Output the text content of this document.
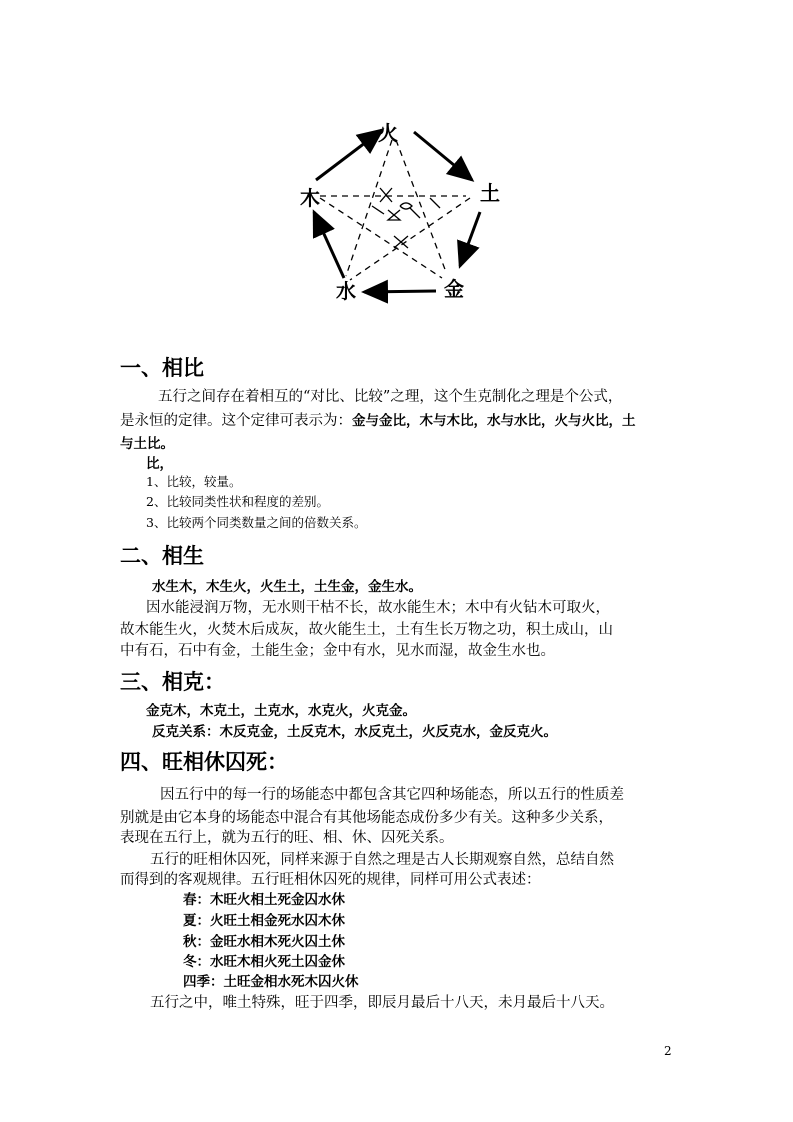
火
土
金
水
木
一、相比
五行之间存在着相互的“对比、比较”之理，这个生克制化之理是个公式，
是永恒的定律。这个定律可表示为：金与金比，木与木比，水与水比，火与火比，土
与土比。
比，
1、比较，较量。
2、比较同类性状和程度的差别。
3、比较两个同类数量之间的倍数关系。
二、相生
水生木，木生火，火生土，土生金，金生水。
因水能浸润万物，无水则干枯不长，故水能生木；木中有火钻木可取火，
故木能生火，火焚木后成灰，故火能生土，土有生长万物之功，积土成山，山
中有石，石中有金，土能生金；金中有水，见水而湿，故金生水也。
三、相克：
金克木，木克土，土克水，水克火，火克金。
反克关系：木反克金，土反克木，水反克土，火反克水，金反克火。
四、旺相休囚死：
因五行中的每一行的场能态中都包含其它四种场能态，所以五行的性质差
别就是由它本身的场能态中混合有其他场能态成份多少有关。这种多少关系，
表现在五行上，就为五行的旺、相、休、囚死关系。
五行的旺相休囚死，同样来源于自然之理是古人长期观察自然，总结自然
而得到的客观规律。五行旺相休囚死的规律，同样可用公式表述：
春：木旺火相土死金囚水休
夏：火旺土相金死水囚木休
秋：金旺水相木死火囚土休
冬：水旺木相火死土囚金休
四季：土旺金相水死木囚火休
五行之中，唯土特殊，旺于四季，即辰月最后十八天，未月最后十八天。
2
